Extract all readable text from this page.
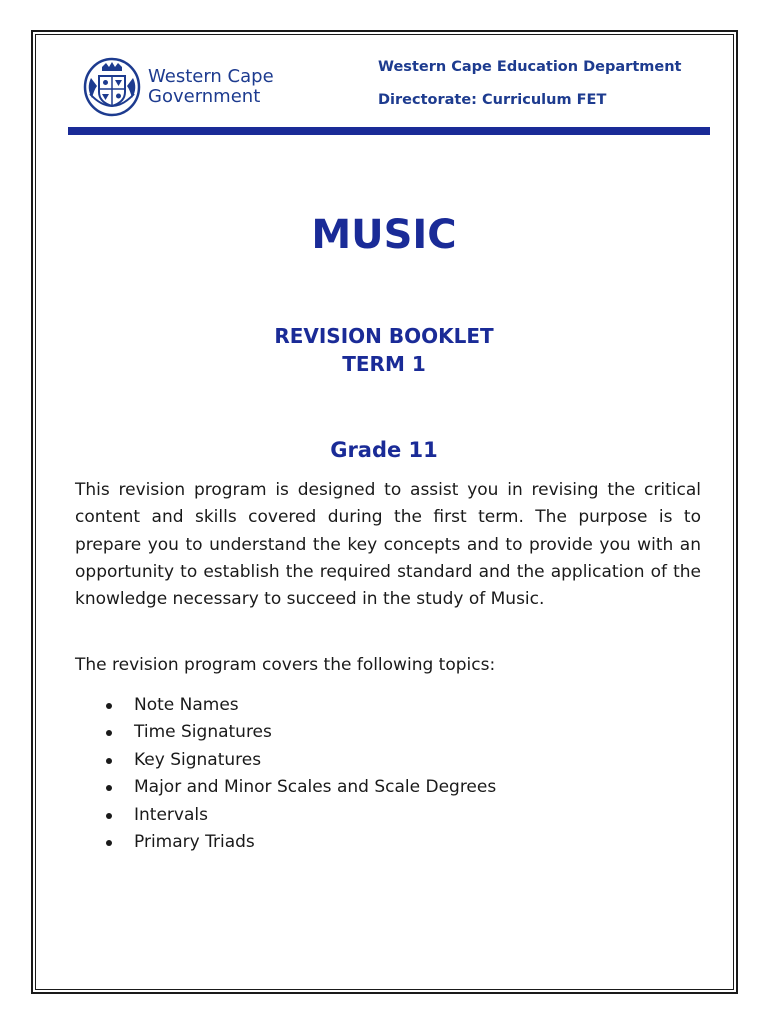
Western Cape
Government
Western Cape Education Department
Directorate: Curriculum FET
MUSIC
REVISION BOOKLET
TERM 1
Grade 11

This revision program is designed to assist you in revising the critical content and skills covered during the first term. The purpose is to prepare you to understand the key concepts and to provide you with an opportunity to establish the required standard and the application of the knowledge necessary to succeed in the study of Music.

The revision program covers the following topics:

Note Names
Time Signatures
Key Signatures
Major and Minor Scales and Scale Degrees
Intervals
Primary Triads
